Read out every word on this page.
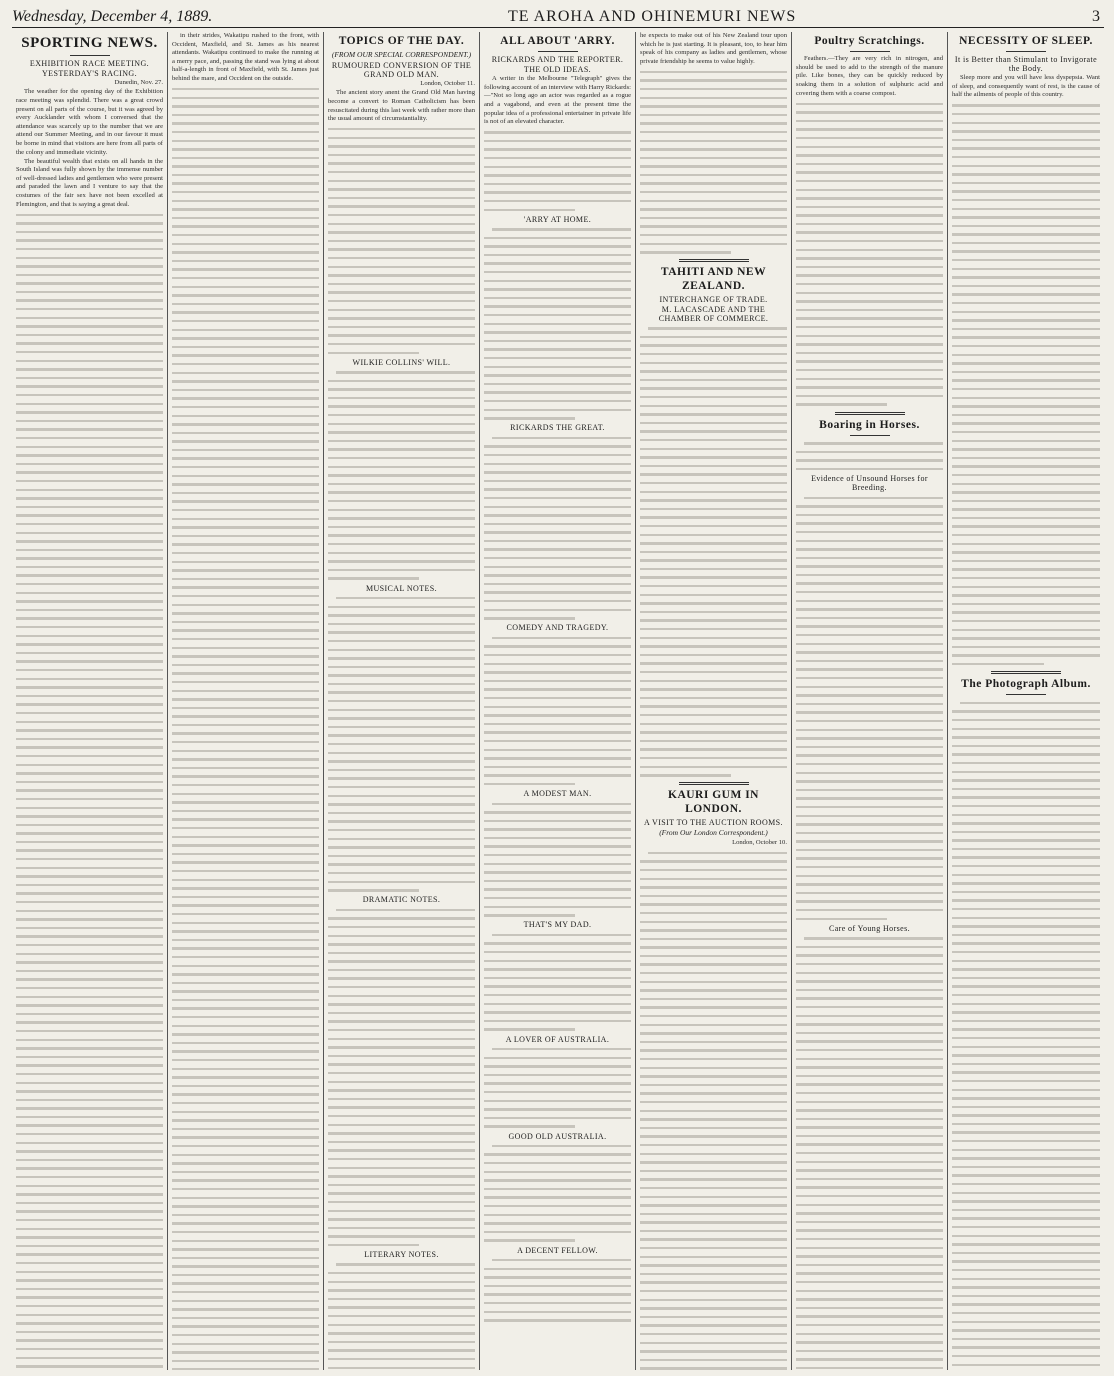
Wednesday, December 4, 1889.	TE AROHA AND OHINEMURI NEWS	3
SPORTING NEWS.
EXHIBITION RACE MEETING.
YESTERDAY'S RACING.

Dunedin, Nov. 27.

The weather for the opening day of the Exhibition race meeting was splendid. There was a great crowd present on all parts of the course, but it was agreed by every Aucklander with whom I conversed that the attendance was scarcely up to the number that we are attend our Summer Meeting, and in our favour it must be borne in mind that visitors are here from all parts of the colony and immediate vicinity.

The beautiful wealth that exists on all hands in the South Island was fully shown by the immense number of well-dressed ladies and gentlemen who were present and paraded the lawn and I venture to say that the costumes of the fair sex have not been excelled at Flemington, and that is saying a great deal.

in their strides, Wakatipu rushed to the front, with Occident, Maxfield, and St. James as his nearest attendants. Wakatipu continued to make the running at a merry pace, and, passing the stand was lying at about half-a-length in front of Maxfield, with St. James just behind the mare, and Occident on the outside.

TOPICS OF THE DAY.
(FROM OUR SPECIAL CORRESPONDENT.)
RUMOURED CONVERSION OF THE GRAND OLD MAN.

London, October 11.

The ancient story anent the Grand Old Man having become a convert to Roman Catholicism has been resuscitated during this last week with rather more than the usual amount of circumstantiality.

WILKIE COLLINS' WILL.
MUSICAL NOTES.
DRAMATIC NOTES.
LITERARY NOTES.
ALL ABOUT 'ARRY.
RICKARDS AND THE REPORTER.
THE OLD IDEAS.

A writer in the Melbourne "Telegraph" gives the following account of an interview with Harry Rickards:—"Not so long ago an actor was regarded as a rogue and a vagabond, and even at the present time the popular idea of a professional entertainer in private life is not of an elevated character.

'ARRY AT HOME.
RICKARDS THE GREAT.
COMEDY AND TRAGEDY.
A MODEST MAN.
THAT'S MY DAD.
A LOVER OF AUSTRALIA.
GOOD OLD AUSTRALIA.
A DECENT FELLOW.

he expects to make out of his New Zealand tour upon which he is just starting. It is pleasant, too, to hear him speak of his company as ladies and gentlemen, whose private friendship he seems to value highly.

TAHITI AND NEW ZEALAND.
INTERCHANGE OF TRADE.
M. LACASCADE AND THE CHAMBER OF COMMERCE.
KAURI GUM IN LONDON.
A VISIT TO THE AUCTION ROOMS.
(From Our London Correspondent.)

London, October 10.

Poultry Scratchings.

Feathers.—They are very rich in nitrogen, and should be used to add to the strength of the manure pile. Like bones, they can be quickly reduced by soaking them in a solution of sulphuric acid and covering them with a coarse compost.

Boaring in Horses.
Evidence of Unsound Horses for Breeding.
Care of Young Horses.
NECESSITY OF SLEEP.
It is Better than Stimulant to Invigorate the Body.

Sleep more and you will have less dyspepsia. Want of sleep, and consequently want of rest, is the cause of half the ailments of people of this country.

The Photograph Album.
